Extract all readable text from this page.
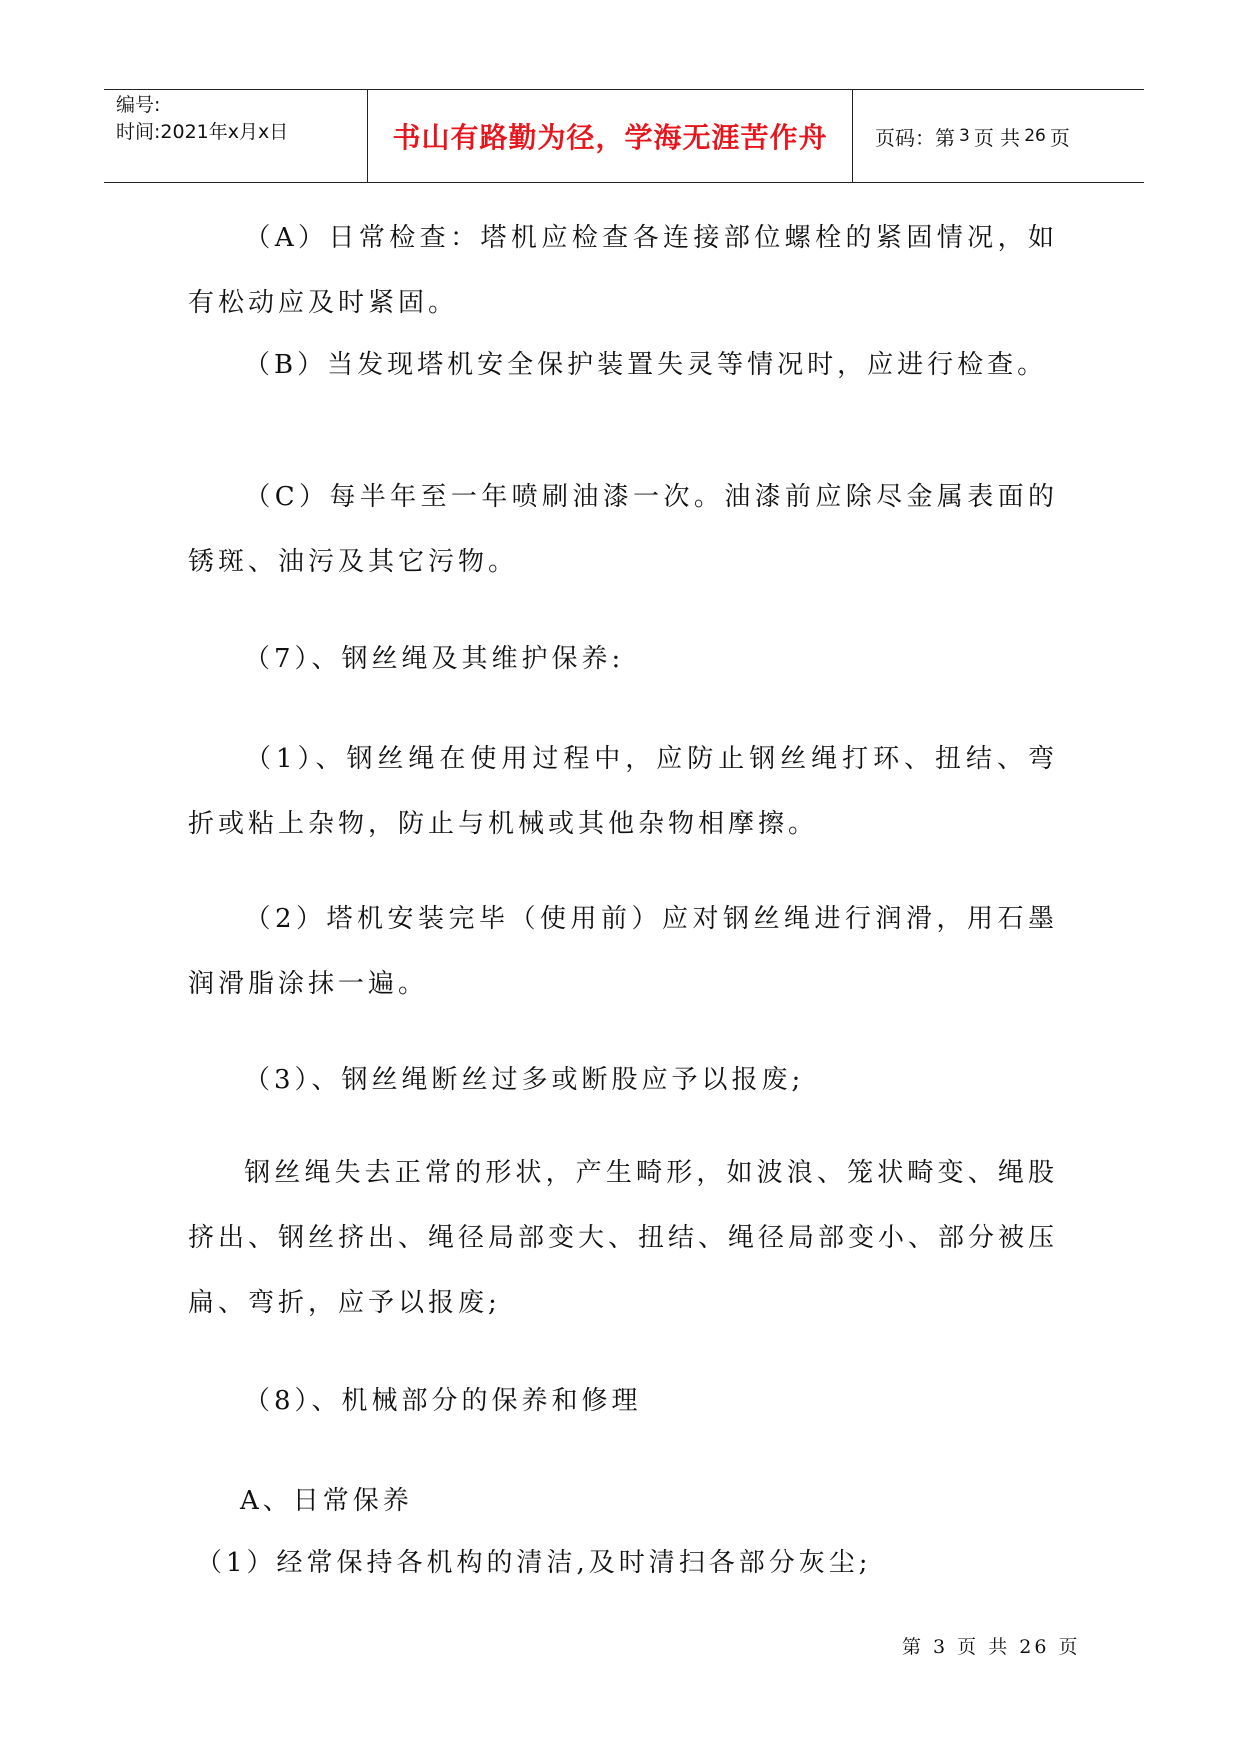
编号:
时间:2021年x月x日	书山有路勤为径，学海无涯苦作舟 页码：第 3 页 共 26 页

（A）日常检查：塔机应检查各连接部位螺栓的紧固情况，如有松动应及时紧固。

（B）当发现塔机安全保护装置失灵等情况时，应进行检查。

（C）每半年至一年喷刷油漆一次。油漆前应除尽金属表面的锈斑、油污及其它污物。

（7）、钢丝绳及其维护保养:

（1）、钢丝绳在使用过程中，应防止钢丝绳打环、扭结、弯折或粘上杂物，防止与机械或其他杂物相摩擦。

（2）塔机安装完毕（使用前）应对钢丝绳进行润滑，用石墨润滑脂涂抹一遍。

（3）、钢丝绳断丝过多或断股应予以报废;

钢丝绳失去正常的形状，产生畸形，如波浪、笼状畸变、绳股挤出、钢丝挤出、绳径局部变大、扭结、绳径局部变小、部分被压扁、弯折，应予以报废;

（8）、机械部分的保养和修理

A、日常保养

（1）经常保持各机构的清洁,及时清扫各部分灰尘;

第 3 页 共 26 页
